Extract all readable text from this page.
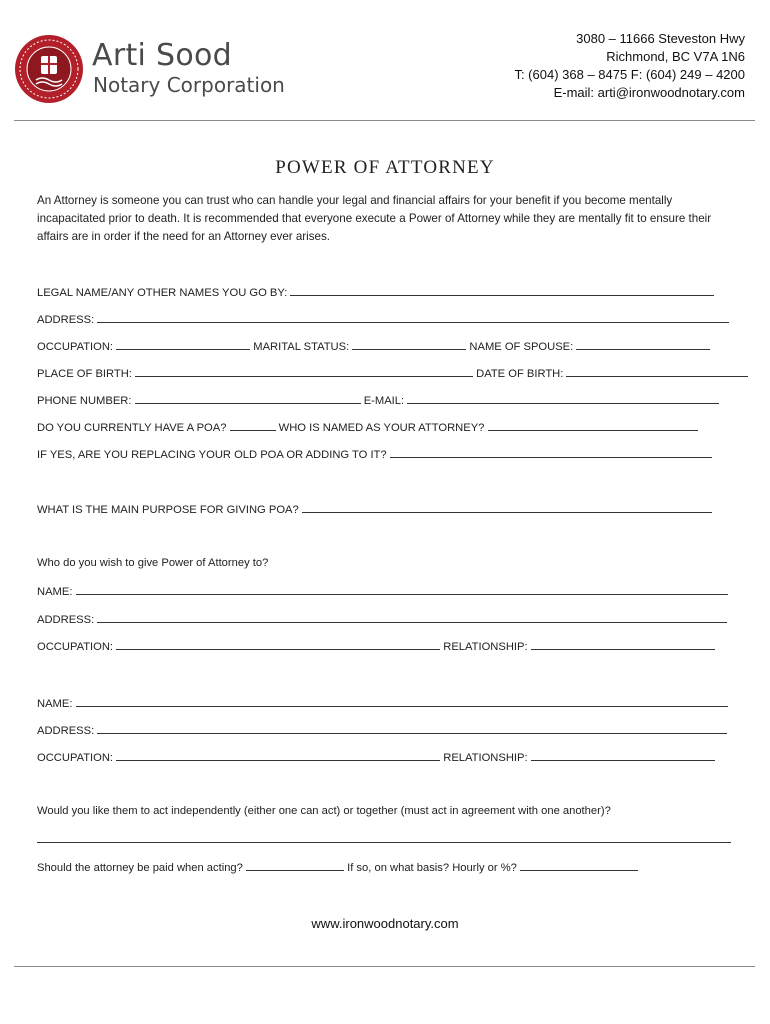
Arti Sood
Notary Corporation
3080 – 11666 Steveston Hwy
Richmond, BC V7A 1N6
T: (604) 368 – 8475 F: (604) 249 – 4200
E-mail: arti@ironwoodnotary.com
POWER OF ATTORNEY
An Attorney is someone you can trust who can handle your legal and financial affairs for your benefit if you become mentally incapacitated prior to death. It is recommended that everyone execute a Power of Attorney while they are mentally fit to ensure their affairs are in order if the need for an Attorney ever arises.
LEGAL NAME/ANY OTHER NAMES YOU GO BY:
ADDRESS:
OCCUPATION:	MARITAL STATUS:	NAME OF SPOUSE:
PLACE OF BIRTH:	DATE OF BIRTH:
PHONE NUMBER:	E-MAIL:
DO YOU CURRENTLY HAVE A POA?	WHO IS NAMED AS YOUR ATTORNEY?
IF YES, ARE YOU REPLACING YOUR OLD POA OR ADDING TO IT?
WHAT IS THE MAIN PURPOSE FOR GIVING POA?
Who do you wish to give Power of Attorney to?
NAME:
ADDRESS:
OCCUPATION:	RELATIONSHIP:
NAME:
ADDRESS:
OCCUPATION:	RELATIONSHIP:
Would you like them to act independently (either one can act) or together (must act in agreement with one another)?
Should the attorney be paid when acting?	If so, on what basis? Hourly or %?
www.ironwoodnotary.com
